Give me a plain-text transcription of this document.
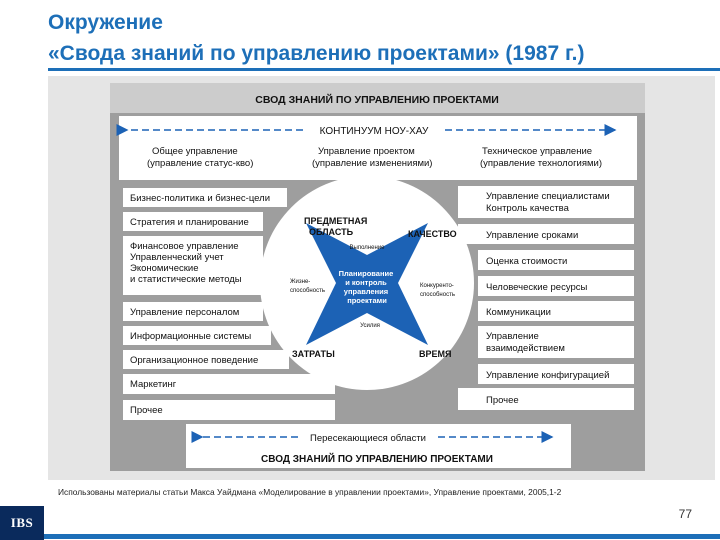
Окружение
«Свода знаний по управлению проектами» (1987 г.)
СВОД ЗНАНИЙ ПО УПРАВЛЕНИЮ ПРОЕКТАМИ
КОНТИНУУМ НОУ-ХАУ
Общее управление (управление статус-кво)
Управление проектом (управление изменениями)
Техническое управление (управление технологиями)
Бизнес-политика и бизнес-цели
Стратегия и планирование
Финансовое управление Управленческий учет Экономические и статистические методы
Управление персоналом
Информационные системы
Организационное поведение
Маркетинг
Прочее
Управление специалистами Контроль качества
Управление сроками
Оценка стоимости
Человеческие ресурсы
Коммуникации
Управление взаимодействием
Управление конфигурацией
Прочее
ПРЕДМЕТНАЯ ОБЛАСТЬ	КАЧЕСТВО
ЗАТРАТЫ	ВРЕМЯ
Выполнение
Жизне- способность
Конкуренто- способность
Усилия
Планирование и контроль управления проектами
Пересекающиеся области
СВОД ЗНАНИЙ ПО УПРАВЛЕНИЮ ПРОЕКТАМИ
Использованы материалы статьи Макса Уайдмана «Моделирование в управлении проектами», Управление проектами, 2005,1-2
77
IBS
